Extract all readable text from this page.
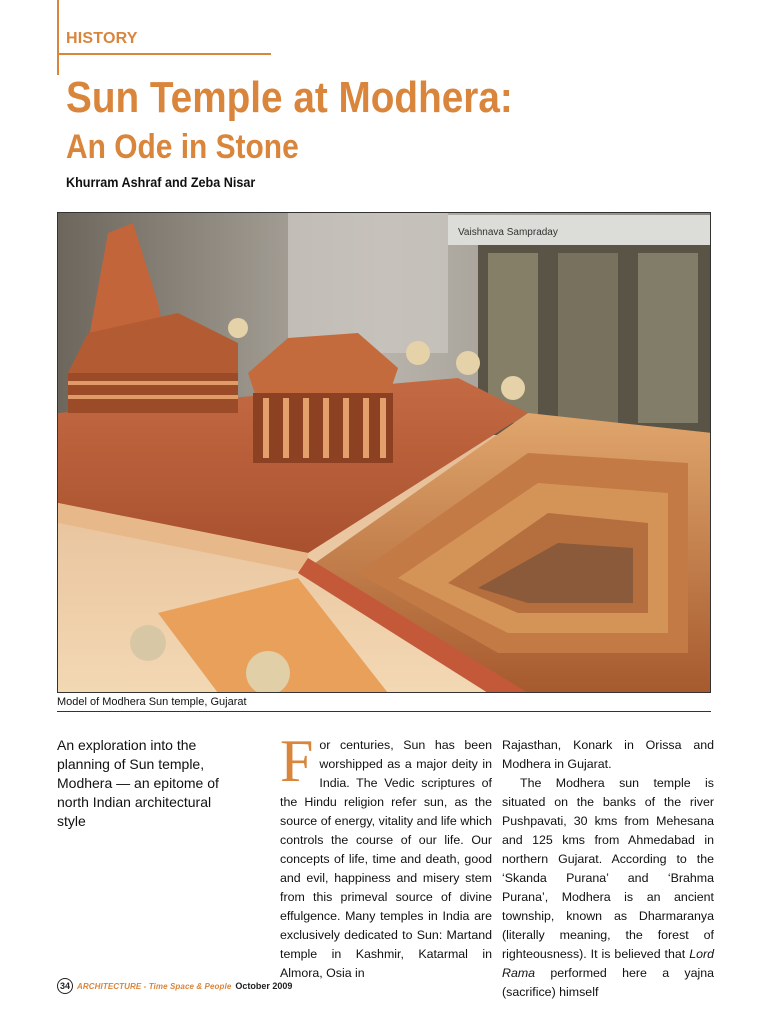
HISTORY
Sun Temple at Modhera:
An Ode in Stone
Khurram Ashraf and Zeba Nisar
Vaishnava Sampraday
Model of Modhera Sun temple, Gujarat
An exploration into the planning of Sun temple, Modhera — an epitome of north Indian architectural style

For centuries, Sun has been worshipped as a major deity in India. The Vedic scriptures of the Hindu religion refer sun, as the source of energy, vitality and life which controls the course of our life. Our concepts of life, time and death, good and evil, happiness and misery stem from this primeval source of divine effulgence. Many temples in India are exclusively dedicated to Sun: Martand temple in Kashmir, Katarmal in Almora, Osia in

Rajasthan, Konark in Orissa and Modhera in Gujarat.

The Modhera sun temple is situated on the banks of the river Pushpavati, 30 kms from Mehesana and 125 kms from Ahmedabad in northern Gujarat. According to the ‘Skanda Purana’ and ‘Brahma Purana’, Modhera is an ancient township, known as Dharmaranya (literally meaning, the forest of righteousness). It is believed that Lord Rama performed here a yajna (sacrifice) himself

34 ARCHITECTURE - Time Space & People October 2009
